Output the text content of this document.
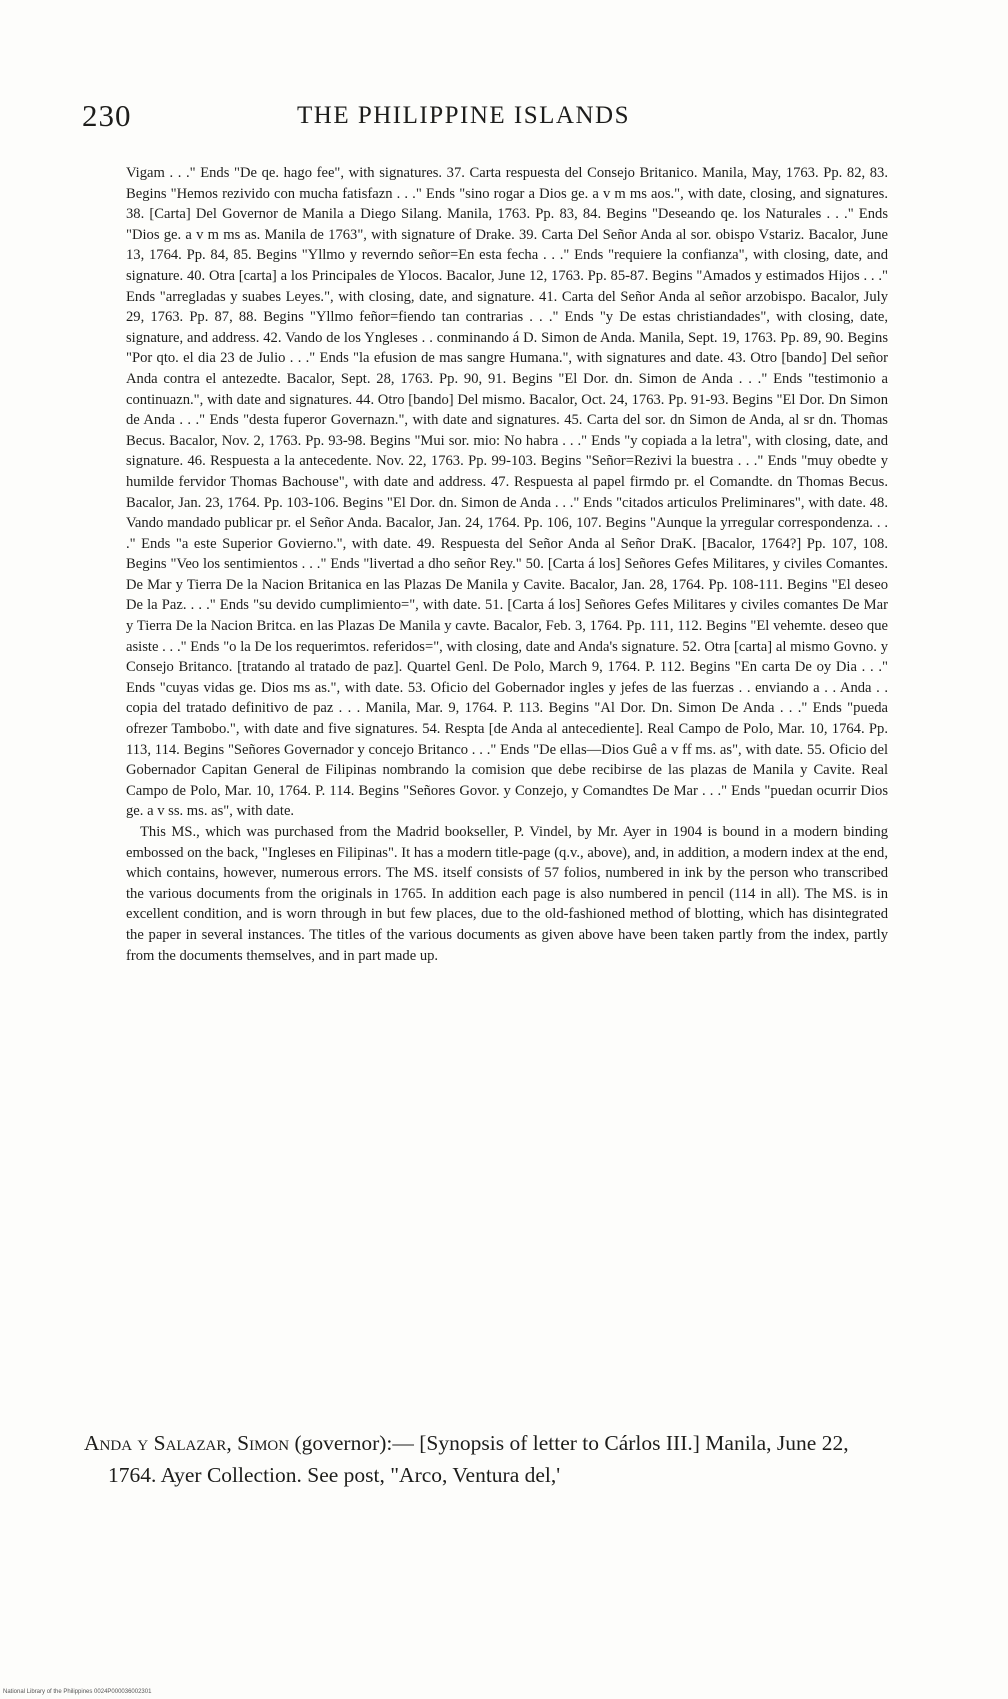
230	THE PHILIPPINE ISLANDS

Vigam . . ." Ends "De qe. hago fee", with signatures. 37. Carta respuesta del Consejo Britanico. Manila, May, 1763. Pp. 82, 83. Begins "Hemos rezivido con mucha fatisfazn . . ." Ends "sino rogar a Dios ge. a v m ms aos.", with date, closing, and signatures. 38. [Carta] Del Governor de Manila a Diego Silang. Manila, 1763. Pp. 83, 84. Begins "Deseando qe. los Naturales . . ." Ends "Dios ge. a v m ms as. Manila de 1763", with signature of Drake. 39. Carta Del Señor Anda al sor. obispo Vstariz. Bacalor, June 13, 1764. Pp. 84, 85. Begins "Yllmo y reverndo señor=En esta fecha . . ." Ends "requiere la confianza", with closing, date, and signature. 40. Otra [carta] a los Principales de Ylocos. Bacalor, June 12, 1763. Pp. 85-87. Begins "Amados y estimados Hijos . . ." Ends "arregladas y suabes Leyes.", with closing, date, and signature. 41. Carta del Señor Anda al señor arzobispo. Bacalor, July 29, 1763. Pp. 87, 88. Begins "Yllmo feñor=fiendo tan contrarias . . ." Ends "y De estas christiandades", with closing, date, signature, and address. 42. Vando de los Yngleses . . conminando á D. Simon de Anda. Manila, Sept. 19, 1763. Pp. 89, 90. Begins "Por qto. el dia 23 de Julio . . ." Ends "la efusion de mas sangre Humana.", with signatures and date. 43. Otro [bando] Del señor Anda contra el antezedte. Bacalor, Sept. 28, 1763. Pp. 90, 91. Begins "El Dor. dn. Simon de Anda . . ." Ends "testimonio a continuazn.", with date and signatures. 44. Otro [bando] Del mismo. Bacalor, Oct. 24, 1763. Pp. 91-93. Begins "El Dor. Dn Simon de Anda . . ." Ends "desta fuperor Governazn.", with date and signatures. 45. Carta del sor. dn Simon de Anda, al sr dn. Thomas Becus. Bacalor, Nov. 2, 1763. Pp. 93-98. Begins "Mui sor. mio: No habra . . ." Ends "y copiada a la letra", with closing, date, and signature. 46. Respuesta a la antecedente. Nov. 22, 1763. Pp. 99-103. Begins "Señor=Rezivi la buestra . . ." Ends "muy obedte y humilde fervidor Thomas Bachouse", with date and address. 47. Respuesta al papel firmdo pr. el Comandte. dn Thomas Becus. Bacalor, Jan. 23, 1764. Pp. 103-106. Begins "El Dor. dn. Simon de Anda . . ." Ends "citados articulos Preliminares", with date. 48. Vando mandado publicar pr. el Señor Anda. Bacalor, Jan. 24, 1764. Pp. 106, 107. Begins "Aunque la yrregular correspondenza. . . ." Ends "a este Superior Govierno.", with date. 49. Respuesta del Señor Anda al Señor DraK. [Bacalor, 1764?] Pp. 107, 108. Begins "Veo los sentimientos . . ." Ends "livertad a dho señor Rey." 50. [Carta á los] Señores Gefes Militares, y civiles Comantes. De Mar y Tierra De la Nacion Britanica en las Plazas De Manila y Cavite. Bacalor, Jan. 28, 1764. Pp. 108-111. Begins "El deseo De la Paz. . . ." Ends "su devido cumplimiento=", with date. 51. [Carta á los] Señores Gefes Militares y civiles comantes De Mar y Tierra De la Nacion Britca. en las Plazas De Manila y cavte. Bacalor, Feb. 3, 1764. Pp. 111, 112. Begins "El vehemte. deseo que asiste . . ." Ends "o la De los requerimtos. referidos=", with closing, date and Anda's signature. 52. Otra [carta] al mismo Govno. y Consejo Britanco. [tratando al tratado de paz]. Quartel Genl. De Polo, March 9, 1764. P. 112. Begins "En carta De oy Dia . . ." Ends "cuyas vidas ge. Dios ms as.", with date. 53. Oficio del Gobernador ingles y jefes de las fuerzas . . enviando a . . Anda . . copia del tratado definitivo de paz . . . Manila, Mar. 9, 1764. P. 113. Begins "Al Dor. Dn. Simon De Anda . . ." Ends "pueda ofrezer Tambobo.", with date and five signatures. 54. Respta [de Anda al antecediente]. Real Campo de Polo, Mar. 10, 1764. Pp. 113, 114. Begins "Señores Governador y concejo Britanco . . ." Ends "De ellas—Dios Guê a v ff ms. as", with date. 55. Oficio del Gobernador Capitan General de Filipinas nombrando la comision que debe recibirse de las plazas de Manila y Cavite. Real Campo de Polo, Mar. 10, 1764. P. 114. Begins "Señores Govor. y Conzejo, y Comandtes De Mar . . ." Ends "puedan ocurrir Dios ge. a v ss. ms. as", with date.

This MS., which was purchased from the Madrid bookseller, P. Vindel, by Mr. Ayer in 1904 is bound in a modern binding embossed on the back, "Ingleses en Filipinas". It has a modern title-page (q.v., above), and, in addition, a modern index at the end, which contains, however, numerous errors. The MS. itself consists of 57 folios, numbered in ink by the person who transcribed the various documents from the originals in 1765. In addition each page is also numbered in pencil (114 in all). The MS. is in excellent condition, and is worn through in but few places, due to the old-fashioned method of blotting, which has disintegrated the paper in several instances. The titles of the various documents as given above have been taken partly from the index, partly from the documents themselves, and in part made up.

Anda y Salazar, Simon (governor):— [Synopsis of letter to Cárlos III.] Manila, June 22, 1764. Ayer Collection. See post, "Arco, Ventura del,'

National Library of the Philippines 0024P000036002301
